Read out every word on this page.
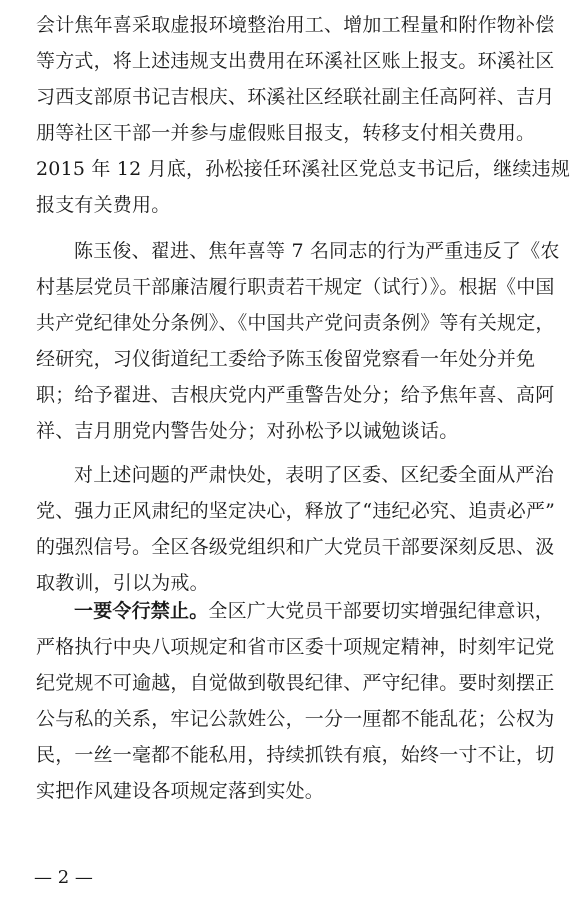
会计焦年喜采取虚报环境整治用工、增加工程量和附作物补偿
等方式，将上述违规支出费用在环溪社区账上报支。环溪社区
习西支部原书记吉根庆、环溪社区经联社副主任高阿祥、吉月
朋等社区干部一并参与虚假账目报支，转移支付相关费用。
2015 年 12 月底，孙松接任环溪社区党总支书记后，继续违规
报支有关费用。
陈玉俊、翟进、焦年喜等 7 名同志的行为严重违反了《农
村基层党员干部廉洁履行职责若干规定（试行）》。根据《中国
共产党纪律处分条例》、《中国共产党问责条例》等有关规定，
经研究，习仪街道纪工委给予陈玉俊留党察看一年处分并免
职；给予翟进、吉根庆党内严重警告处分；给予焦年喜、高阿
祥、吉月朋党内警告处分；对孙松予以诫勉谈话。
对上述问题的严肃快处，表明了区委、区纪委全面从严治
党、强力正风肃纪的坚定决心，释放了“违纪必究、追责必严”
的强烈信号。全区各级党组织和广大党员干部要深刻反思、汲
取教训，引以为戒。
一要令行禁止。全区广大党员干部要切实增强纪律意识，
严格执行中央八项规定和省市区委十项规定精神，时刻牢记党
纪党规不可逾越，自觉做到敬畏纪律、严守纪律。要时刻摆正
公与私的关系，牢记公款姓公，一分一厘都不能乱花；公权为
民，一丝一毫都不能私用，持续抓铁有痕，始终一寸不让，切
实把作风建设各项规定落到实处。
— 2 —
